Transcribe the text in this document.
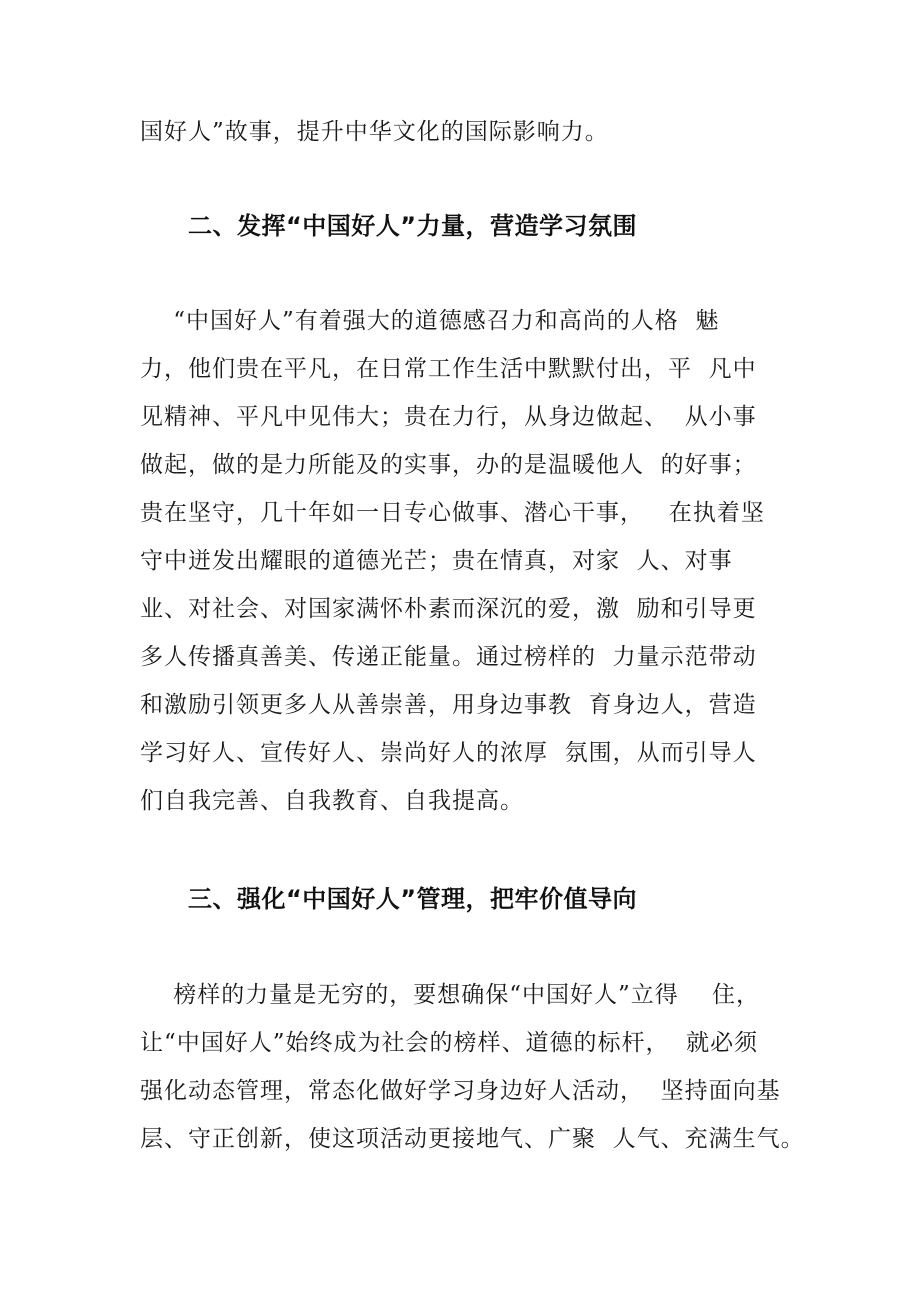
国好人”故事，提升中华文化的国际影响力。
二、发挥“中国好人”力量，营造学习氛围
“中国好人”有着强大的道德感召力和高尚的人格  魅
力，他们贵在平凡，在日常工作生活中默默付出，平  凡中
见精神、平凡中见伟大；贵在力行，从身边做起、  从小事
做起，做的是力所能及的实事，办的是温暖他人  的好事；
贵在坚守，几十年如一日专心做事、潜心干事，   在执着坚
守中迸发出耀眼的道德光芒；贵在情真，对家  人、对事
业、对社会、对国家满怀朴素而深沉的爱，激  励和引导更
多人传播真善美、传递正能量。通过榜样的  力量示范带动
和激励引领更多人从善崇善，用身边事教  育身边人，营造
学习好人、宣传好人、崇尚好人的浓厚  氛围，从而引导人
们自我完善、自我教育、自我提高。
三、强化“中国好人”管理，把牢价值导向
榜样的力量是无穷的，要想确保“中国好人”立得    住，
让“中国好人”始终成为社会的榜样、道德的标杆，  就必须
强化动态管理，常态化做好学习身边好人活动，  坚持面向基
层、守正创新，使这项活动更接地气、广聚  人气、充满生气。
